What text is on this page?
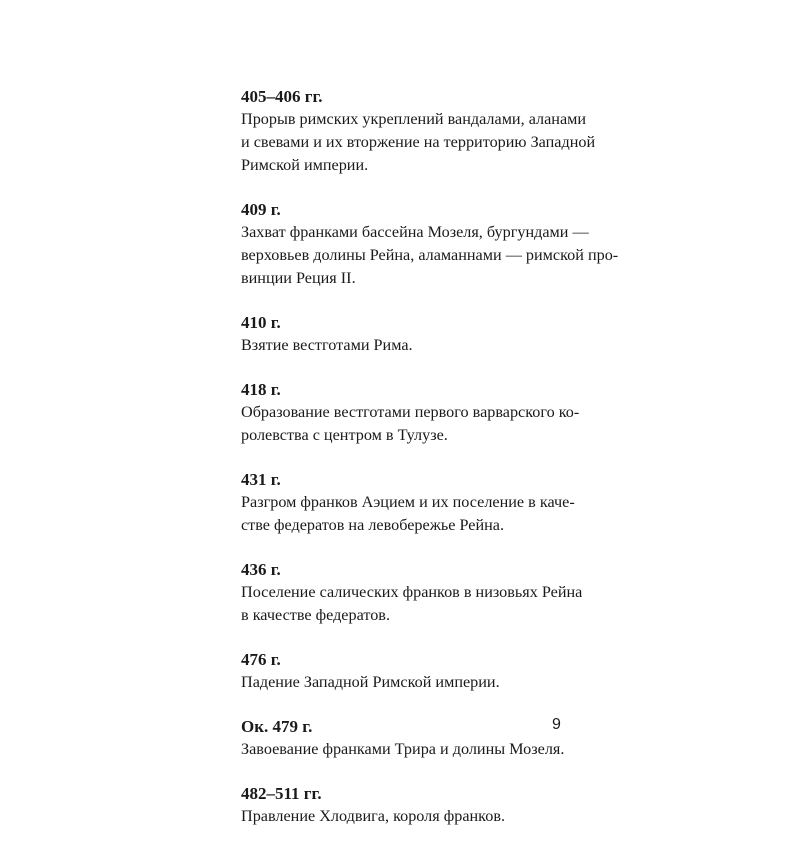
405–406 гг.
Прорыв римских укреплений вандалами, аланами
и свевами и их вторжение на территорию Западной
Римской империи.
409 г.
Захват франками бассейна Мозеля, бургундами —
верховьев долины Рейна, аламаннами — римской про-
винции Реция II.
410 г.
Взятие вестготами Рима.
418 г.
Образование вестготами первого варварского ко-
ролевства с центром в Тулузе.
431 г.
Разгром франков Аэцием и их поселение в каче-
стве федератов на левобережье Рейна.
436 г.
Поселение салических франков в низовьях Рейна
в качестве федератов.
476 г.
Падение Западной Римской империи.
Ок. 479 г.
Завоевание франками Трира и долины Мозеля.
482–511 гг.
Правление Хлодвига, короля франков.
9
